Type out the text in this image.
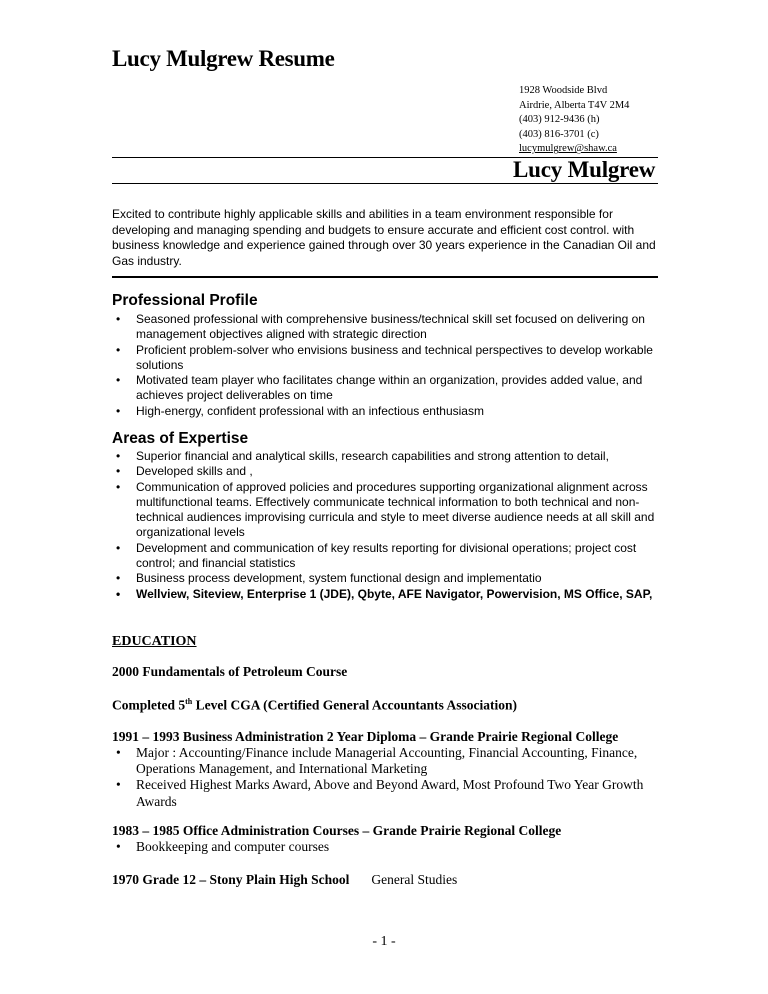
Lucy Mulgrew Resume
1928 Woodside Blvd
Airdrie, Alberta T4V 2M4
(403) 912-9436 (h)
(403) 816-3701 (c)
lucymulgrew@shaw.ca
Lucy Mulgrew
Excited to contribute highly applicable skills and abilities in a team environment responsible for developing and managing spending and budgets to ensure accurate and efficient cost control. with business knowledge and experience gained through over 30 years experience in the Canadian Oil and Gas industry.
Professional Profile
• Seasoned professional with comprehensive business/technical skill set focused on delivering on management objectives aligned with strategic direction
• Proficient problem-solver who envisions business and technical perspectives to develop workable solutions
• Motivated team player who facilitates change within an organization, provides added value, and achieves project deliverables on time
• High-energy, confident professional with an infectious enthusiasm
Areas of Expertise
• Superior financial and analytical skills, research capabilities and strong attention to detail,
• Developed skills and ,
• Communication of approved policies and procedures supporting organizational alignment across multifunctional teams. Effectively communicate technical information to both technical and non-technical audiences improvising curricula and style to meet diverse audience needs at all skill and organizational levels
• Development and communication of key results reporting for divisional operations; project cost control; and financial statistics
• Business process development, system functional design and implementatio
• Wellview, Siteview, Enterprise 1 (JDE), Qbyte, AFE Navigator, Powervision, MS Office, SAP,
EDUCATION
2000 Fundamentals of Petroleum Course
Completed 5th Level CGA (Certified General Accountants Association)
1991 – 1993 Business Administration 2 Year Diploma – Grande Prairie Regional College
• Major : Accounting/Finance include Managerial Accounting, Financial Accounting, Finance, Operations Management, and International Marketing
• Received Highest Marks Award, Above and Beyond Award, Most Profound Two Year Growth Awards
1983 – 1985 Office Administration Courses – Grande Prairie Regional College
• Bookkeeping and computer courses
1970 Grade 12 – Stony Plain High School General Studies
- 1 -
